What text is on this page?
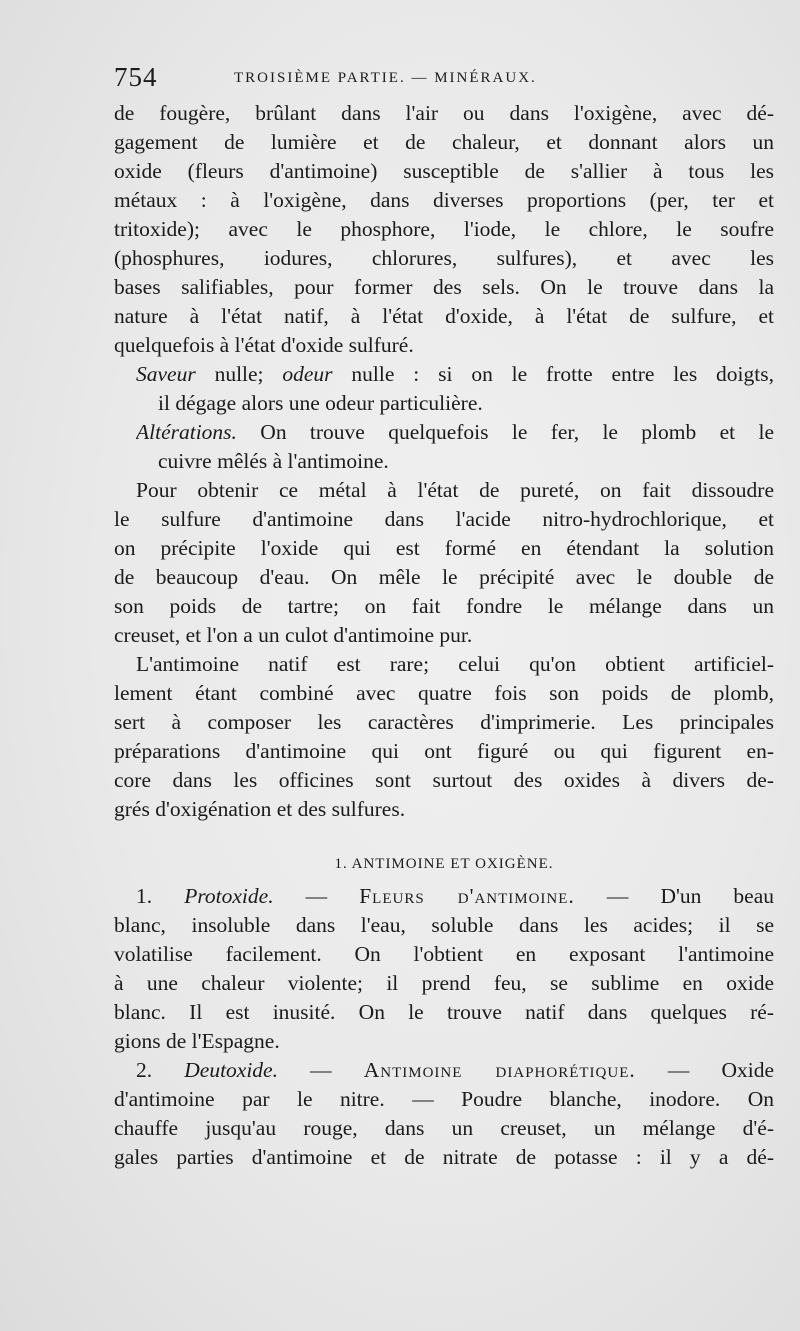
754	TROISIÈME PARTIE. — MINÉRAUX.
de fougère, brûlant dans l'air ou dans l'oxigène, avec dé-
gagement de lumière et de chaleur, et donnant alors un
oxide (fleurs d'antimoine) susceptible de s'allier à tous les
métaux : à l'oxigène, dans diverses proportions (per, ter et
tritoxide); avec le phosphore, l'iode, le chlore, le soufre
(phosphures, iodures, chlorures, sulfures), et avec les
bases salifiables, pour former des sels. On le trouve dans la
nature à l'état natif, à l'état d'oxide, à l'état de sulfure, et
quelquefois à l'état d'oxide sulfuré.
Saveur nulle; odeur nulle : si on le frotte entre les doigts,
il dégage alors une odeur particulière.
Altérations. On trouve quelquefois le fer, le plomb et le
cuivre mêlés à l'antimoine.
Pour obtenir ce métal à l'état de pureté, on fait dissoudre
le sulfure d'antimoine dans l'acide nitro-hydrochlorique, et
on précipite l'oxide qui est formé en étendant la solution
de beaucoup d'eau. On mêle le précipité avec le double de
son poids de tartre; on fait fondre le mélange dans un
creuset, et l'on a un culot d'antimoine pur.
L'antimoine natif est rare; celui qu'on obtient artificiel-
lement étant combiné avec quatre fois son poids de plomb,
sert à composer les caractères d'imprimerie. Les principales
préparations d'antimoine qui ont figuré ou qui figurent en-
core dans les officines sont surtout des oxides à divers de-
grés d'oxigénation et des sulfures.
1. ANTIMOINE ET OXIGÈNE.
1. Protoxide. — Fleurs d'antimoine. — D'un beau
blanc, insoluble dans l'eau, soluble dans les acides; il se
volatilise facilement. On l'obtient en exposant l'antimoine
à une chaleur violente; il prend feu, se sublime en oxide
blanc. Il est inusité. On le trouve natif dans quelques ré-
gions de l'Espagne.
2. Deutoxide. — Antimoine diaphorétique. — Oxide
d'antimoine par le nitre. — Poudre blanche, inodore. On
chauffe jusqu'au rouge, dans un creuset, un mélange d'é-
gales parties d'antimoine et de nitrate de potasse : il y a dé-
